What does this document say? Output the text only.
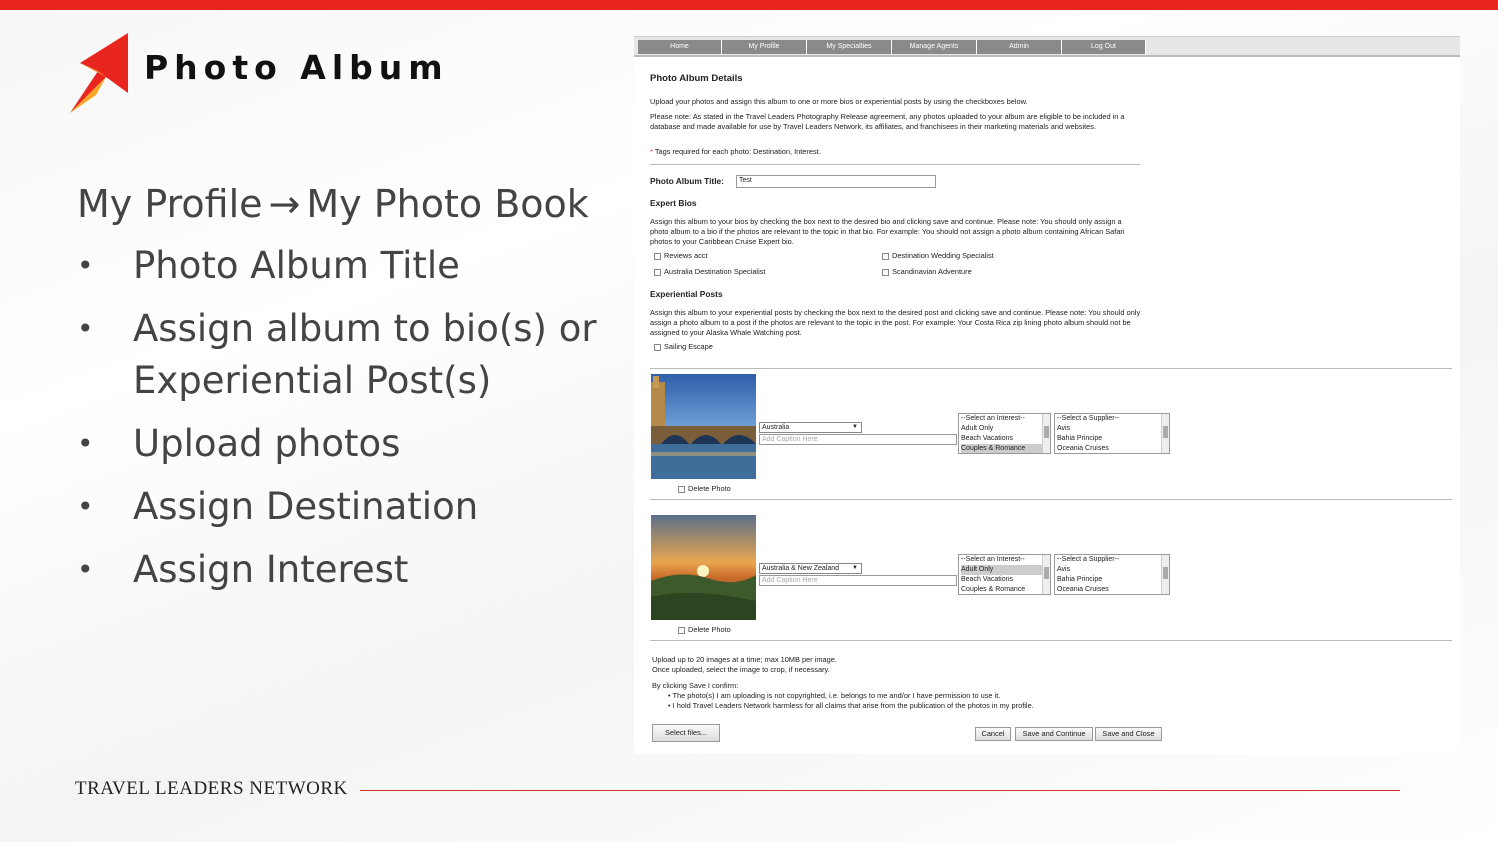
Photo Album
My Profile → My Photo Book
• Photo Album Title
• Assign album to bio(s) or Experiential Post(s)
• Upload photos
• Assign Destination
• Assign Interest
TRAVEL LEADERS NETWORK
Home	My Profile	My Specialties	Manage Agents	Admin	Log Out
Photo Album Details
Upload your photos and assign this album to one or more bios or experiential posts by using the checkboxes below.
Please note: As stated in the Travel Leaders Photography Release agreement, any photos uploaded to your album are eligible to be included in a database and made available for use by Travel Leaders Network, its affiliates, and franchisees in their marketing materials and websites.
* Tags required for each photo: Destination, Interest.
Photo Album Title:	Test
Expert Bios
Assign this album to your bios by checking the box next to the desired bio and clicking save and continue. Please note: You should only assign a photo album to a bio if the photos are relevant to the topic in that bio. For example: You should not assign a photo album containing African Safari photos to your Caribbean Cruise Expert bio.
Reviews acct	Destination Wedding Specialist
Australia Destination Specialist	Scandinavian Adventure
Experiential Posts
Assign this album to your experiential posts by checking the box next to the desired post and clicking save and continue. Please note: You should only assign a photo album to a post if the photos are relevant to the topic in the post. For example: Your Costa Rica zip lining photo album should not be assigned to your Alaska Whale Watching post.
Sailing Escape
Delete Photo
Australia	▼
Add Caption Here
--Select an Interest--
Adult Only
Beach Vacations
Couples & Romance
--Select a Supplier--
Avis
Bahia Principe
Oceania Cruises
Delete Photo
Australia & New Zealand ▼
Add Caption Here
--Select an Interest--
Adult Only
Beach Vacations
Couples & Romance
--Select a Supplier--
Avis
Bahia Principe
Oceania Cruises
Upload up to 20 images at a time; max 10MB per image.
Once uploaded, select the image to crop, if necessary.
By clicking Save I confirm:
• The photo(s) I am uploading is not copyrighted, i.e. belongs to me and/or I have permission to use it.
• I hold Travel Leaders Network harmless for all claims that arise from the publication of the photos in my profile.
Select files...	Cancel	Save and Continue	Save and Close
